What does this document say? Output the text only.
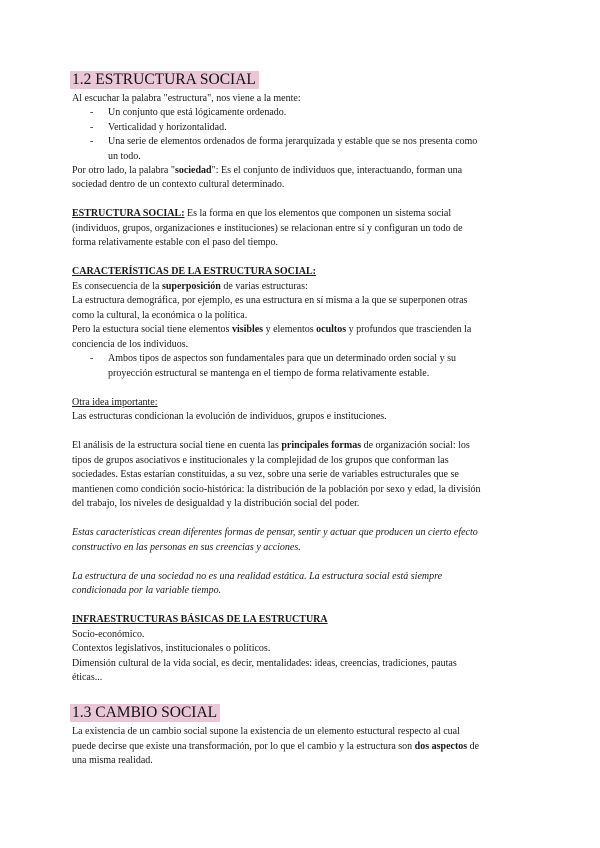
1.2 ESTRUCTURA SOCIAL
Al escuchar la palabra "estructura", nos viene a la mente:
- Un conjunto que está lógicamente ordenado.
- Verticalidad y horizontalidad.
- Una serie de elementos ordenados de forma jerarquizada y estable que se nos presenta como
un todo.
Por otro lado, la palabra "sociedad": Es el conjunto de individuos que, interactuando, forman una
sociedad dentro de un contexto cultural determinado.
ESTRUCTURA SOCIAL: Es la forma en que los elementos que componen un sistema social
(individuos, grupos, organizaciones e instituciones) se relacionan entre sí y configuran un todo de
forma relativamente estable con el paso del tiempo.
CARACTERÍSTICAS DE LA ESTRUCTURA SOCIAL:
Es consecuencia de la superposición de varias estructuras:
La estructura demográfica, por ejemplo, es una estructura en sí misma a la que se superponen otras
como la cultural, la económica o la política.
Pero la estuctura social tiene elementos visibles y elementos ocultos y profundos que trascienden la
conciencia de los individuos.
- Ambos tipos de aspectos son fundamentales para que un determinado orden social y su
proyección estructural se mantenga en el tiempo de forma relativamente estable.
Otra idea importante:
Las estructuras condicionan la evolución de individuos, grupos e instituciones.
El análisis de la estructura social tiene en cuenta las principales formas de organización social: los
tipos de grupos asociativos e institucionales y la complejidad de los grupos que conforman las
sociedades. Estas estarían constituidas, a su vez, sobre una serie de variables estructurales que se
mantienen como condición socio-histórica: la distribución de la población por sexo y edad, la división
del trabajo, los niveles de desigualdad y la distribución social del poder.
Estas características crean diferentes formas de pensar, sentir y actuar que producen un cierto efecto
constructivo en las personas en sus creencias y acciones.
La estructura de una sociedad no es una realidad estática. La estructura social está siempre
condicionada por la variable tiempo.
INFRAESTRUCTURAS BÁSICAS DE LA ESTRUCTURA
Socio-económico.
Contextos legislativos, institucionales o políticos.
Dimensión cultural de la vida social, es decir, mentalidades: ideas, creencias, tradiciones, pautas
éticas...
1.3 CAMBIO SOCIAL
La existencia de un cambio social supone la existencia de un elemento estuctural respecto al cual
puede decirse que existe una transformación, por lo que el cambio y la estructura son dos aspectos de
una misma realidad.
